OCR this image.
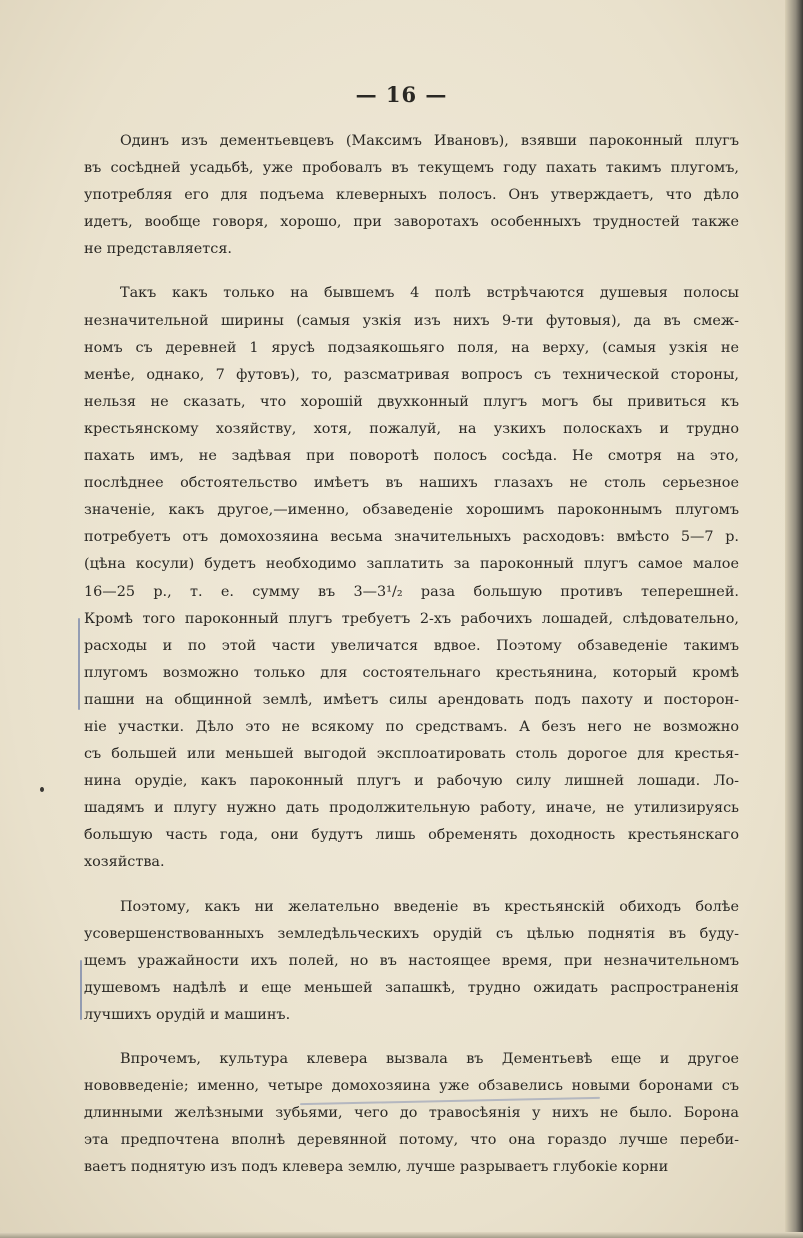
— 16 —
Одинъ изъ дементьевцевъ (Максимъ Ивановъ), взявши пароконный плугъ
въ сосѣдней усадьбѣ, уже пробовалъ въ текущемъ году пахать такимъ плугомъ,
употребляя его для подъема клеверныхъ полосъ. Онъ утверждаетъ, что дѣло
идетъ, вообще говоря, хорошо, при заворотахъ особенныхъ трудностей также
не представляется.
Такъ какъ только на бывшемъ 4 полѣ встрѣчаются душевыя полосы
незначительной ширины (самыя узкія изъ нихъ 9-ти футовыя), да въ смеж-
номъ съ деревней 1 ярусѣ подзаякошьяго поля, на верху, (самыя узкія не
менѣе, однако, 7 футовъ), то, разсматривая вопросъ съ технической стороны,
нельзя не сказать, что хорошій двухконный плугъ могъ бы привиться къ
крестьянскому хозяйству, хотя, пожалуй, на узкихъ полоскахъ и трудно
пахать имъ, не задѣвая при поворотѣ полосъ сосѣда. Не смотря на это,
послѣднее обстоятельство имѣетъ въ нашихъ глазахъ не столь серьезное
значеніе, какъ другое,—именно, обзаведеніе хорошимъ пароконнымъ плугомъ
потребуетъ отъ домохозяина весьма значительныхъ расходовъ: вмѣсто 5—7 р.
(цѣна косули) будетъ необходимо заплатить за пароконный плугъ самое малое
16—25 р., т. е. сумму въ 3—3¹/₂ раза большую противъ теперешней.
Кромѣ того пароконный плугъ требуетъ 2-хъ рабочихъ лошадей, слѣдовательно,
расходы и по этой части увеличатся вдвое. Поэтому обзаведеніе такимъ
плугомъ возможно только для состоятельнаго крестьянина, который кромѣ
пашни на общинной землѣ, имѣетъ силы арендовать подъ пахоту и посторон-
ніе участки. Дѣло это не всякому по средствамъ. А безъ него не возможно
съ большей или меньшей выгодой эксплоатировать столь дорогое для крестья-
нина орудіе, какъ пароконный плугъ и рабочую силу лишней лошади. Ло-
шадямъ и плугу нужно дать продолжительную работу, иначе, не утилизируясь
большую часть года, они будутъ лишь обременять доходность крестьянскаго
хозяйства.
Поэтому, какъ ни желательно введеніе въ крестьянскій обиходъ болѣе
усовершенствованныхъ земледѣльческихъ орудій съ цѣлью поднятія въ буду-
щемъ уражайности ихъ полей, но въ настоящее время, при незначительномъ
душевомъ надѣлѣ и еще меньшей запашкѣ, трудно ожидать распространенія
лучшихъ орудій и машинъ.
Впрочемъ, культура клевера вызвала въ Дементьевѣ еще и другое
нововведеніе; именно, четыре домохозяина уже обзавелись новыми боронами съ
длинными желѣзными зубьями, чего до травосѣянія у нихъ не было. Борона
эта предпочтена вполнѣ деревянной потому, что она гораздо лучше переби-
ваетъ поднятую изъ подъ клевера землю, лучше разрываетъ глубокіе корни
